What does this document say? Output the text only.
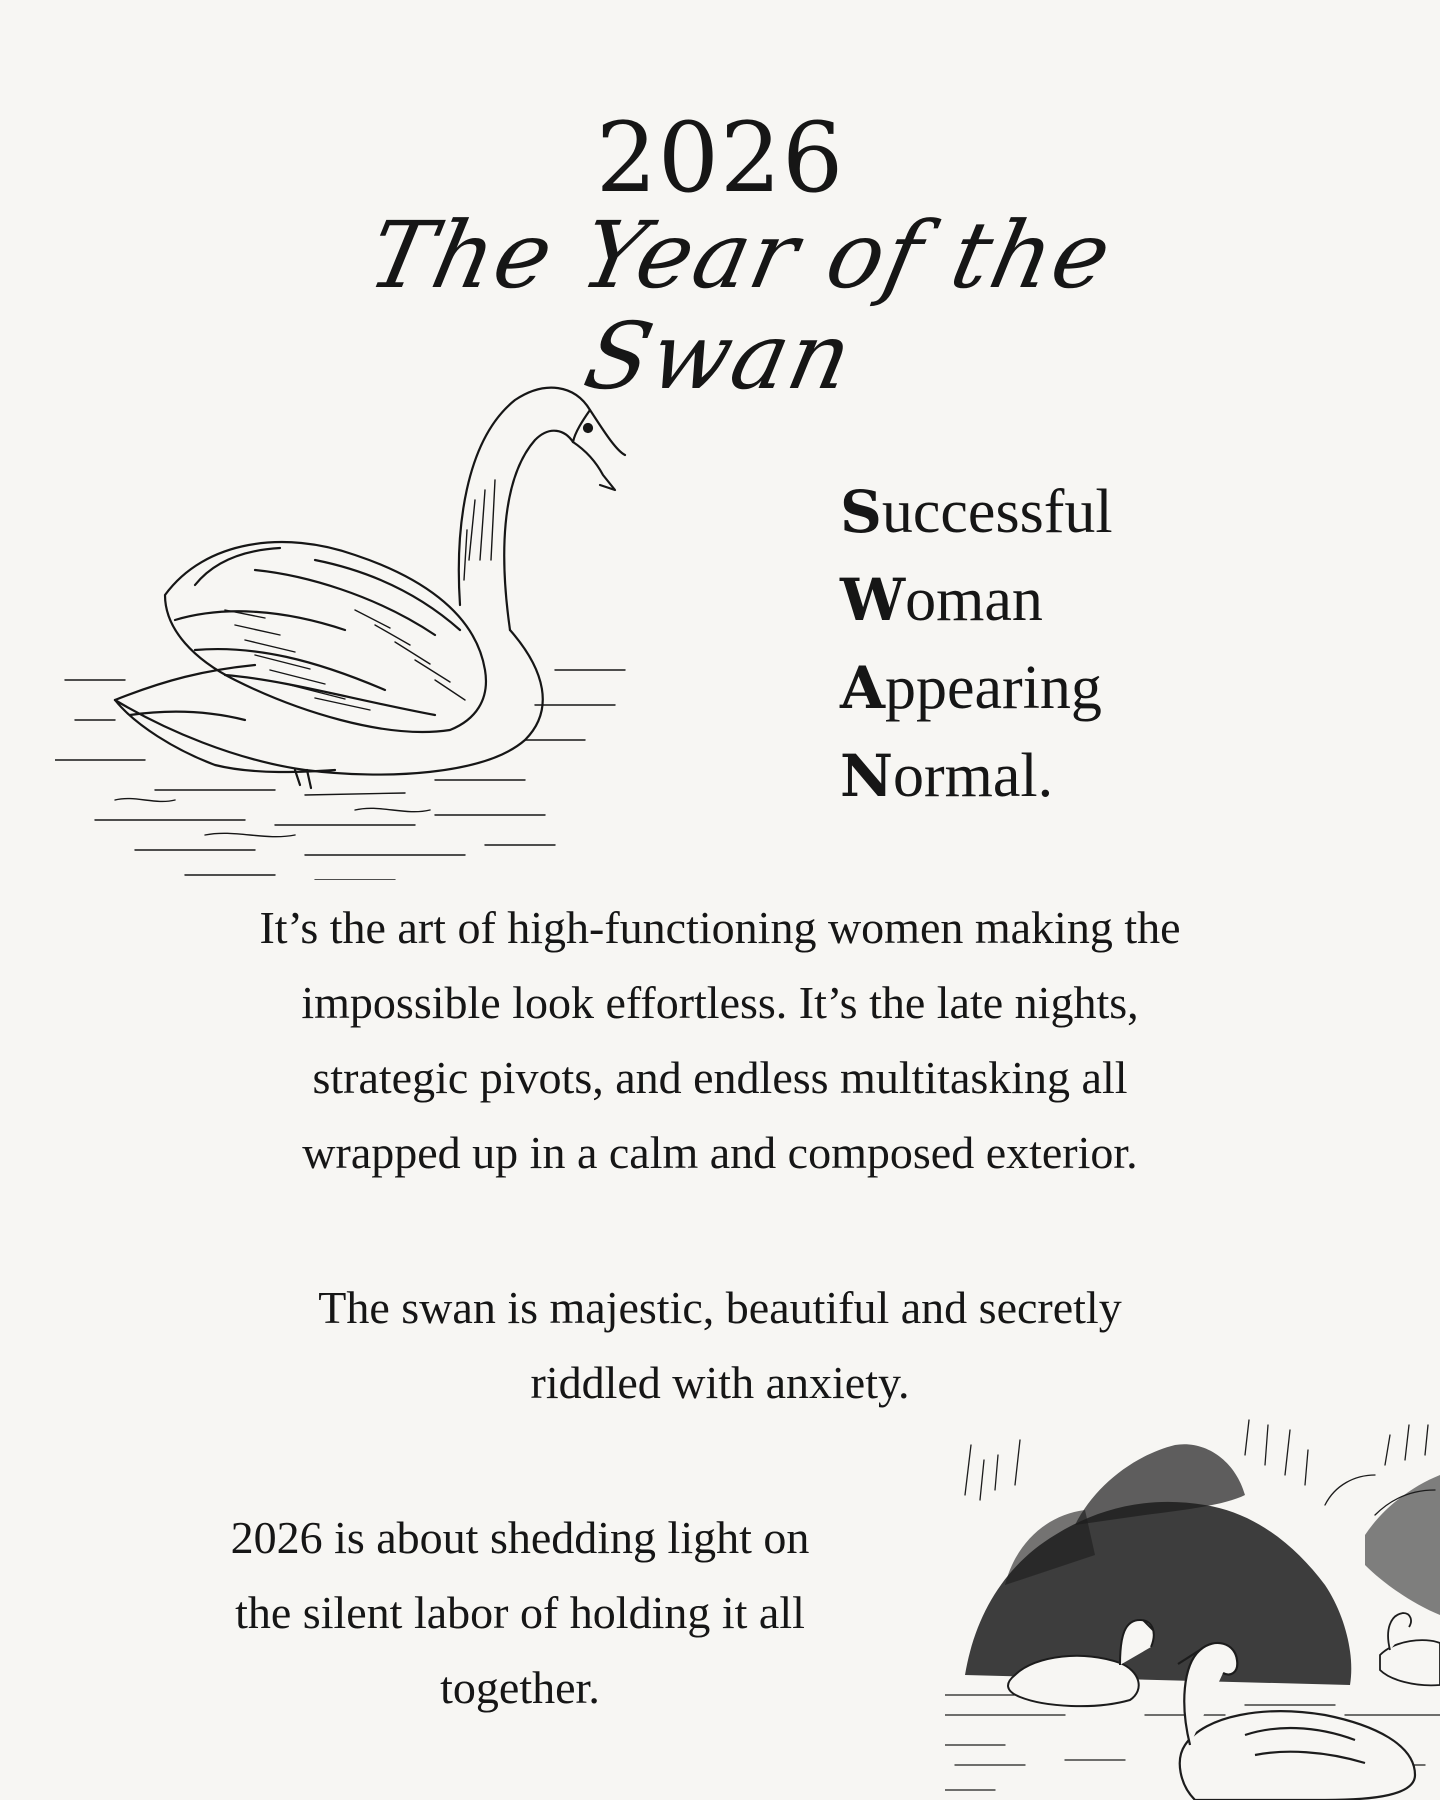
2026
The Year of the Swan
Successful
Woman
Appearing
Normal.
It’s the art of high-functioning women making the
impossible look effortless. It’s the late nights,
strategic pivots, and endless multitasking all
wrapped up in a calm and composed exterior.
The swan is majestic, beautiful and secretly
riddled with anxiety.
2026 is about shedding light on
the silent labor of holding it all
together.
